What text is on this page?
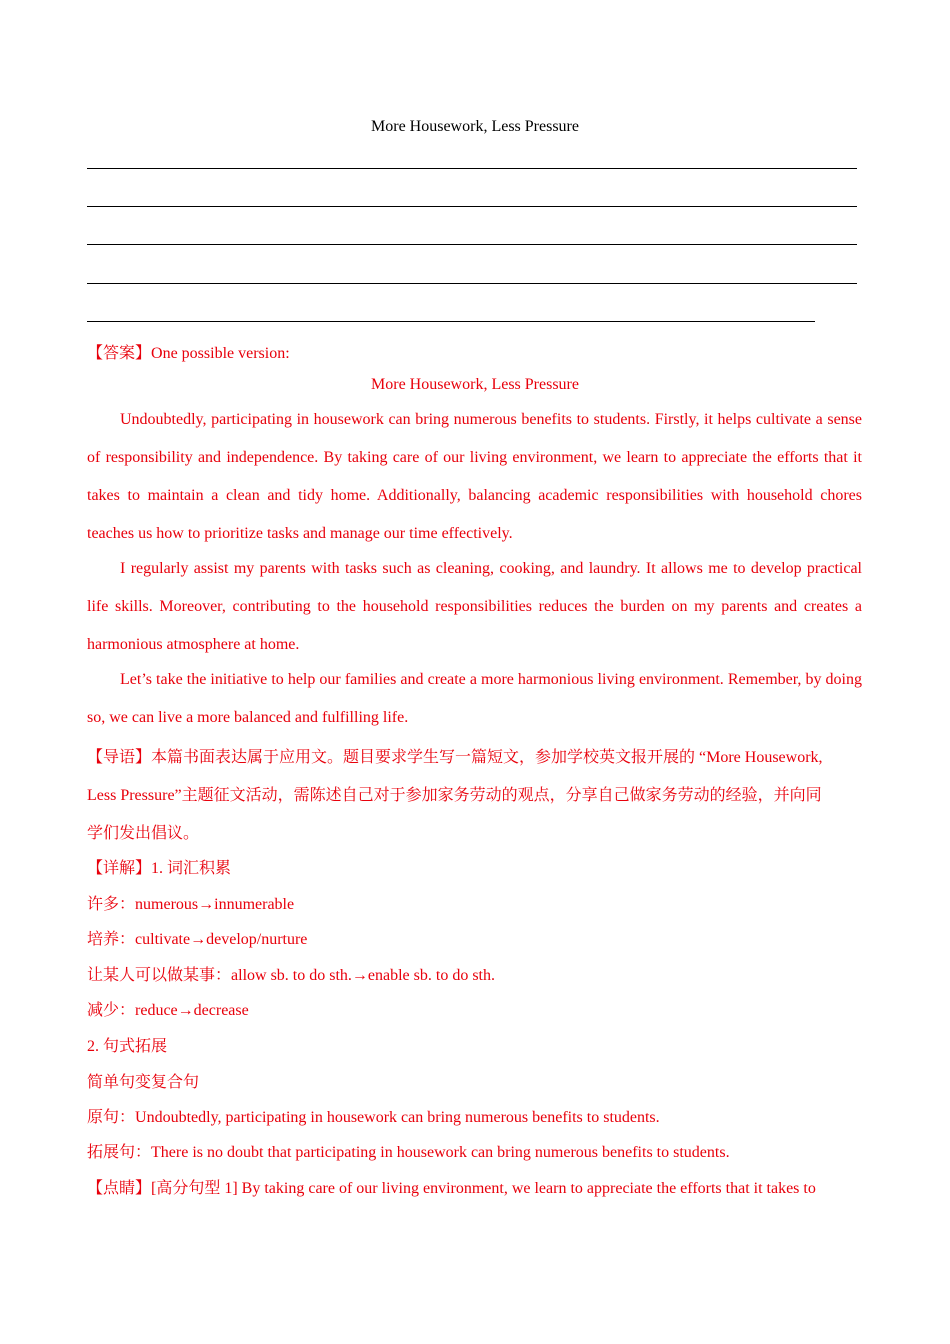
More Housework, Less Pressure
【答案】One possible version:
More Housework, Less Pressure

Undoubtedly, participating in housework can bring numerous benefits to students. Firstly, it helps cultivate a sense of responsibility and independence. By taking care of our living environment, we learn to appreciate the efforts that it takes to maintain a clean and tidy home. Additionally, balancing academic responsibilities with household chores teaches us how to prioritize tasks and manage our time effectively.

I regularly assist my parents with tasks such as cleaning, cooking, and laundry. It allows me to develop practical life skills. Moreover, contributing to the household responsibilities reduces the burden on my parents and creates a harmonious atmosphere at home.

Let’s take the initiative to help our families and create a more harmonious living environment. Remember, by doing so, we can live a more balanced and fulfilling life.

【导语】本篇书面表达属于应用文。题目要求学生写一篇短文，参加学校英文报开展的 “More Housework,
Less Pressure”主题征文活动，需陈述自己对于参加家务劳动的观点，分享自己做家务劳动的经验，并向同
学们发出倡议。
【详解】1. 词汇积累
许多：numerous→innumerable
培养：cultivate→develop/nurture
让某人可以做某事：allow sb. to do sth.→enable sb. to do sth.
减少：reduce→decrease
2. 句式拓展
简单句变复合句
原句：Undoubtedly, participating in housework can bring numerous benefits to students.
拓展句：There is no doubt that participating in housework can bring numerous benefits to students.
【点睛】[高分句型 1] By taking care of our living environment, we learn to appreciate the efforts that it takes to
